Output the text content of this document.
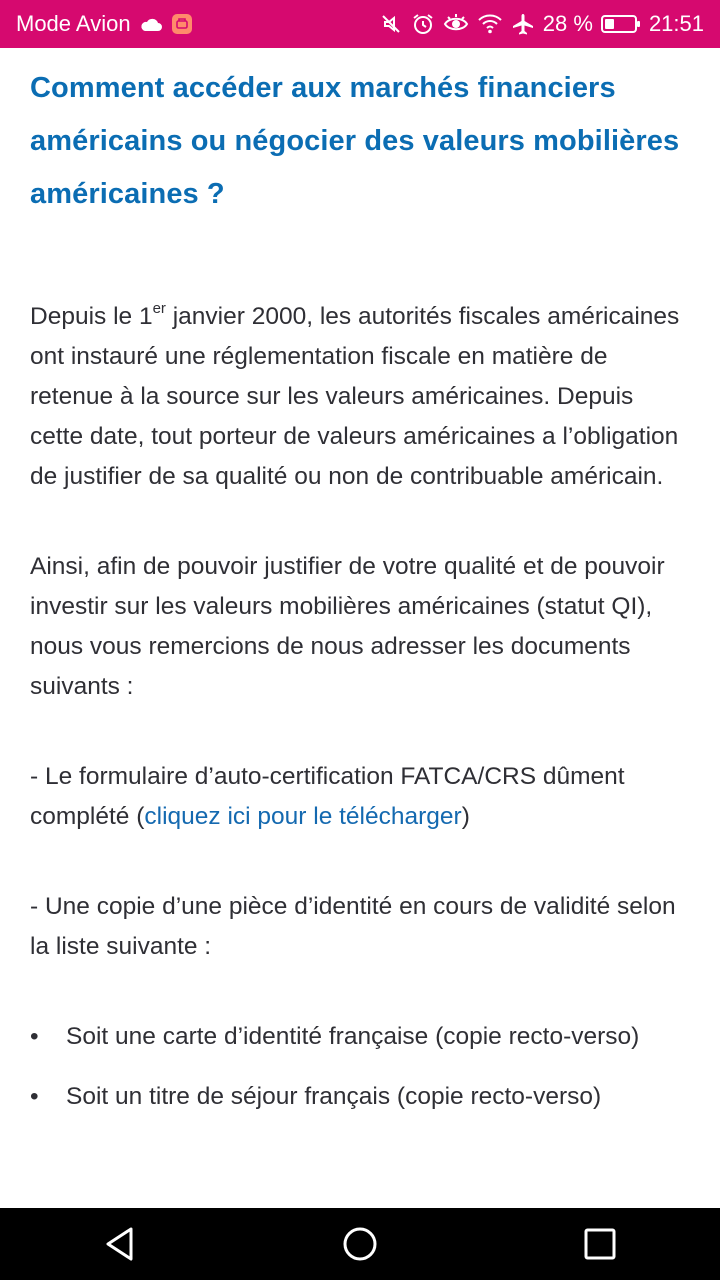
Mode Avion	28 %	21:51
Comment accéder aux marchés financiers américains ou négocier des valeurs mobilières américaines ?

Depuis le 1er janvier 2000, les autorités fiscales américaines ont instauré une réglementation fiscale en matière de retenue à la source sur les valeurs américaines. Depuis cette date, tout porteur de valeurs américaines a l’obligation de justifier de sa qualité ou non de contribuable américain.

Ainsi, afin de pouvoir justifier de votre qualité et de pouvoir investir sur les valeurs mobilières américaines (statut QI), nous vous remercions de nous adresser les documents suivants :

- Le formulaire d’auto-certification FATCA/CRS dûment complété (cliquez ici pour le télécharger)

- Une copie d’une pièce d’identité en cours de validité selon la liste suivante :

• Soit une carte d’identité française (copie recto-verso)
• Soit un titre de séjour français (copie recto-verso)
